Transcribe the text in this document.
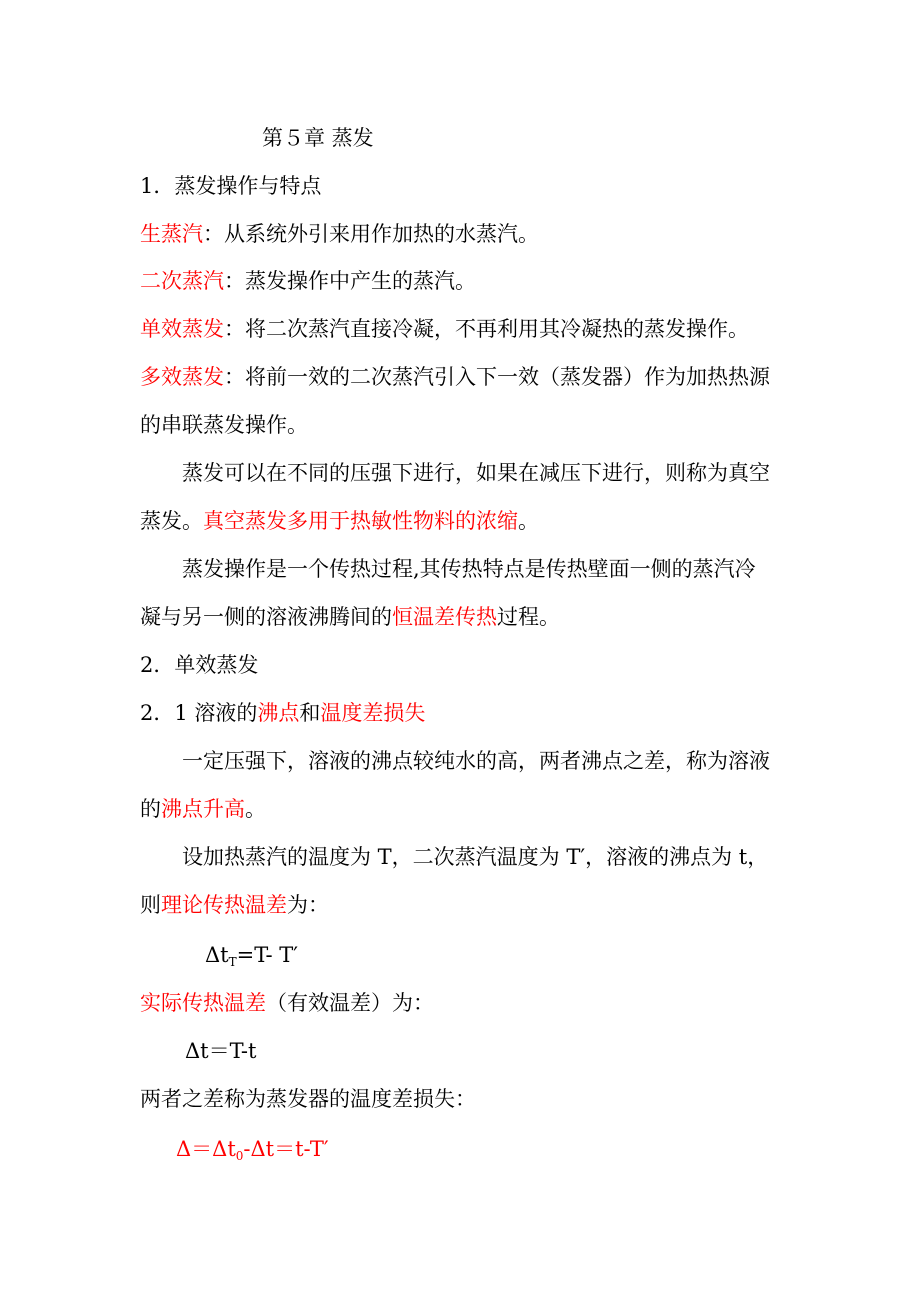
第５章 蒸发
1．蒸发操作与特点
生蒸汽：从系统外引来用作加热的水蒸汽。
二次蒸汽：蒸发操作中产生的蒸汽。
单效蒸发：将二次蒸汽直接冷凝，不再利用其冷凝热的蒸发操作。
多效蒸发：将前一效的二次蒸汽引入下一效（蒸发器）作为加热热源
的串联蒸发操作。
蒸发可以在不同的压强下进行，如果在减压下进行，则称为真空
蒸发。真空蒸发多用于热敏性物料的浓缩。
蒸发操作是一个传热过程,其传热特点是传热壁面一侧的蒸汽冷
凝与另一侧的溶液沸腾间的恒温差传热过程。
2．单效蒸发
2．1 溶液的沸点和温度差损失
一定压强下，溶液的沸点较纯水的高，两者沸点之差，称为溶液
的沸点升高。
设加热蒸汽的温度为 T，二次蒸汽温度为 T′，溶液的沸点为 t，
则理论传热温差为：
$\Delta t_T=T-$ T′
实际传热温差（有效温差）为：
Δt＝T-t
两者之差称为蒸发器的温度差损失：
$\Delta=\Delta t_0-\Delta t=t-T'$
